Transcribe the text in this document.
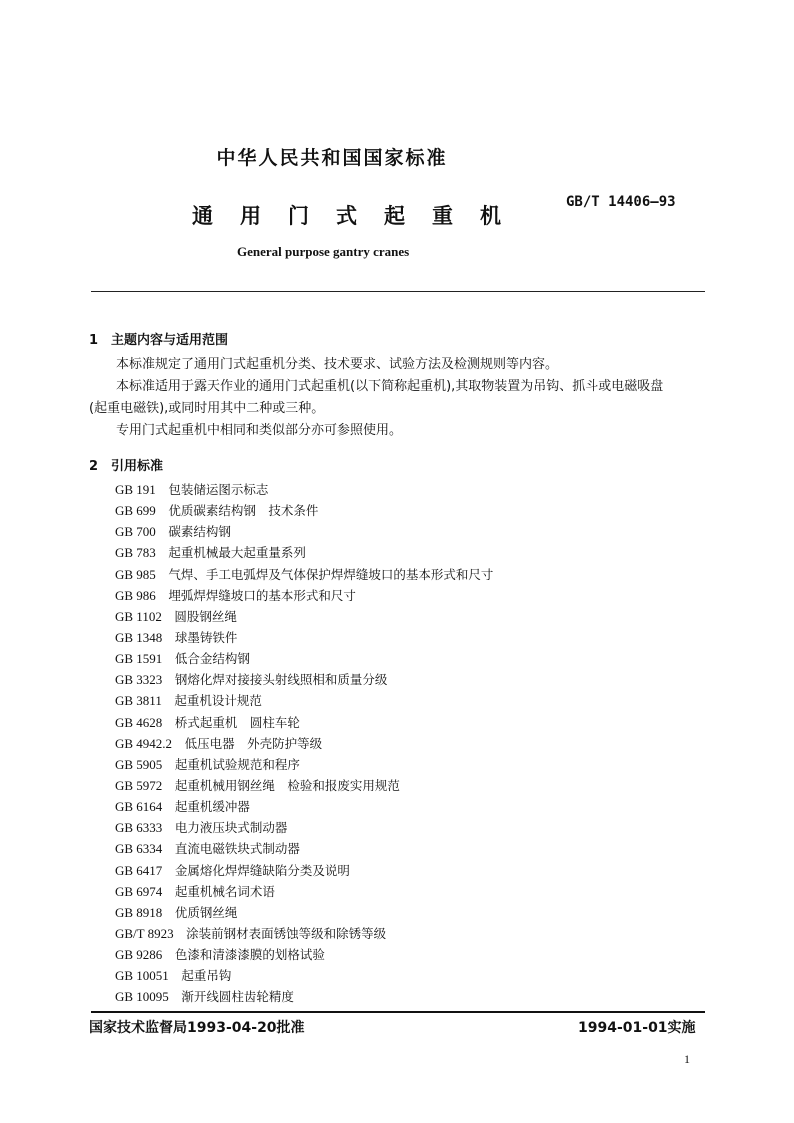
中华人民共和国国家标准
通用门式起重机
GB/T 14406—93
General purpose gantry cranes
1 主题内容与适用范围
本标准规定了通用门式起重机分类、技术要求、试验方法及检测规则等内容。
本标准适用于露天作业的通用门式起重机(以下简称起重机),其取物装置为吊钩、抓斗或电磁吸盘
(起重电磁铁),或同时用其中二种或三种。
专用门式起重机中相同和类似部分亦可参照使用。
2 引用标准
GB 191  包装储运图示标志
GB 699  优质碳素结构钢　技术条件
GB 700  碳素结构钢
GB 783  起重机械最大起重量系列
GB 985  气焊、手工电弧焊及气体保护焊焊缝坡口的基本形式和尺寸
GB 986  埋弧焊焊缝坡口的基本形式和尺寸
GB 1102  圆股钢丝绳
GB 1348  球墨铸铁件
GB 1591  低合金结构钢
GB 3323  钢熔化焊对接接头射线照相和质量分级
GB 3811  起重机设计规范
GB 4628  桥式起重机　圆柱车轮
GB 4942.2  低压电器　外壳防护等级
GB 5905  起重机试验规范和程序
GB 5972  起重机械用钢丝绳　检验和报废实用规范
GB 6164  起重机缓冲器
GB 6333  电力液压块式制动器
GB 6334  直流电磁铁块式制动器
GB 6417  金属熔化焊焊缝缺陷分类及说明
GB 6974  起重机械名词术语
GB 8918  优质钢丝绳
GB/T 8923  涂装前钢材表面锈蚀等级和除锈等级
GB 9286  色漆和清漆漆膜的划格试验
GB 10051  起重吊钩
GB 10095  渐开线圆柱齿轮精度
国家技术监督局1993-04-20批准	1994-01-01实施
1
